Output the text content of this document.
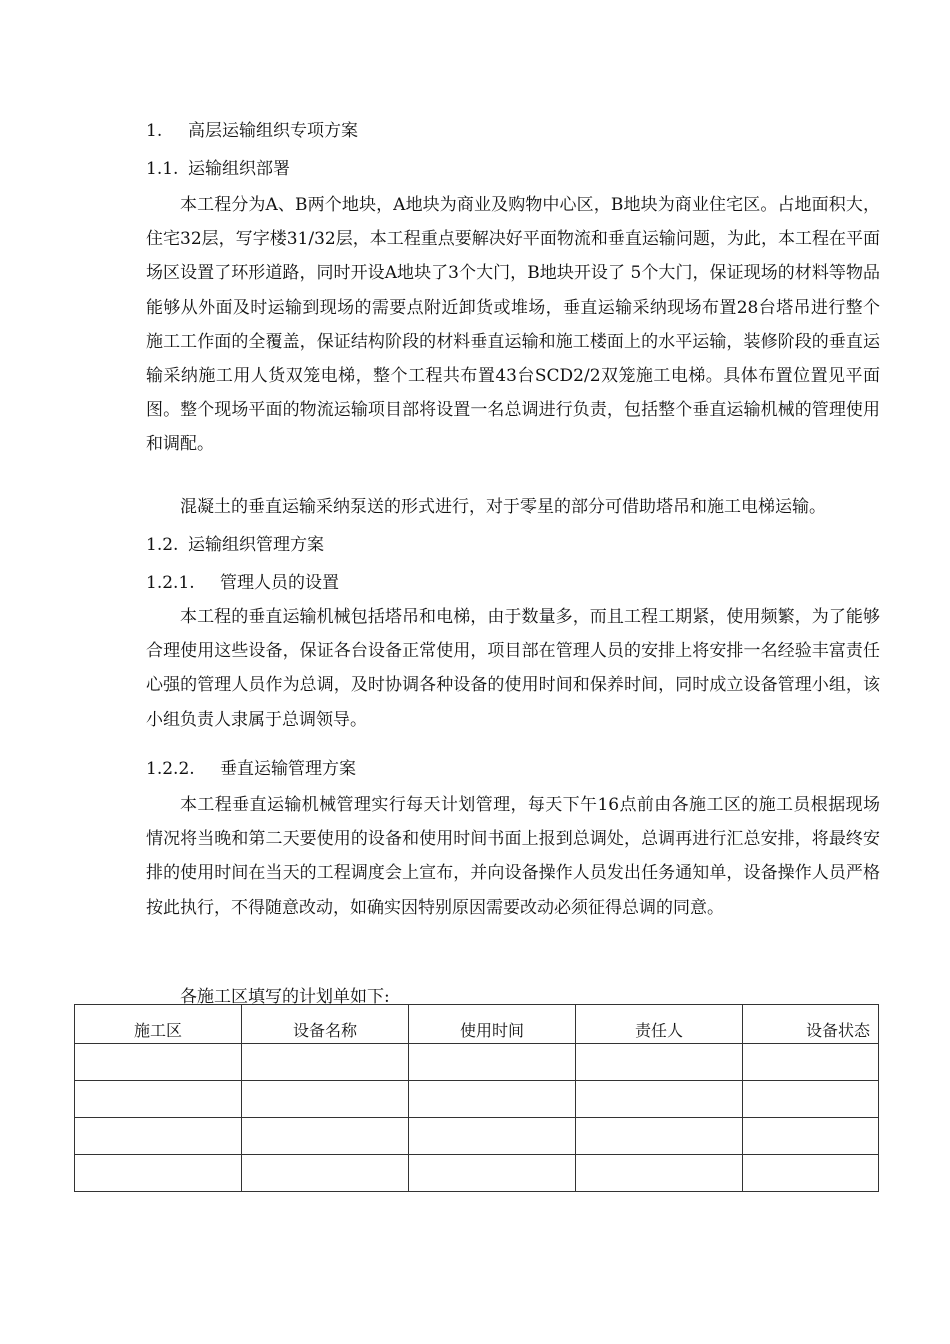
1. 高层运输组织专项方案
1.1. 运输组织部署

本工程分为A、B两个地块，A地块为商业及购物中心区，B地块为商业住宅区。占地面积大，住宅32层，写字楼31/32层，本工程重点要解决好平面物流和垂直运输问题，为此，本工程在平面场区设置了环形道路，同时开设A地块了3个大门，B地块开设了 5个大门，保证现场的材料等物品能够从外面及时运输到现场的需要点附近卸货或堆场，垂直运输采纳现场布置28台塔吊进行整个施工工作面的全覆盖，保证结构阶段的材料垂直运输和施工楼面上的水平运输，装修阶段的垂直运输采纳施工用人货双笼电梯，整个工程共布置43台SCD2/2双笼施工电梯。具体布置位置见平面图。整个现场平面的物流运输项目部将设置一名总调进行负责，包括整个垂直运输机械的管理使用和调配。

混凝土的垂直运输采纳泵送的形式进行，对于零星的部分可借助塔吊和施工电梯运输。

1.2. 运输组织管理方案
1.2.1. 管理人员的设置

本工程的垂直运输机械包括塔吊和电梯，由于数量多，而且工程工期紧，使用频繁，为了能够合理使用这些设备，保证各台设备正常使用，项目部在管理人员的安排上将安排一名经验丰富责任心强的管理人员作为总调，及时协调各种设备的使用时间和保养时间，同时成立设备管理小组，该小组负责人隶属于总调领导。

1.2.2. 垂直运输管理方案

本工程垂直运输机械管理实行每天计划管理，每天下午16点前由各施工区的施工员根据现场情况将当晚和第二天要使用的设备和使用时间书面上报到总调处，总调再进行汇总安排，将最终安排的使用时间在当天的工程调度会上宣布，并向设备操作人员发出任务通知单，设备操作人员严格按此执行，不得随意改动，如确实因特别原因需要改动必须征得总调的同意。

各施工区填写的计划单如下:
施工区	设备名称	使用时间	责任人	设备状态
